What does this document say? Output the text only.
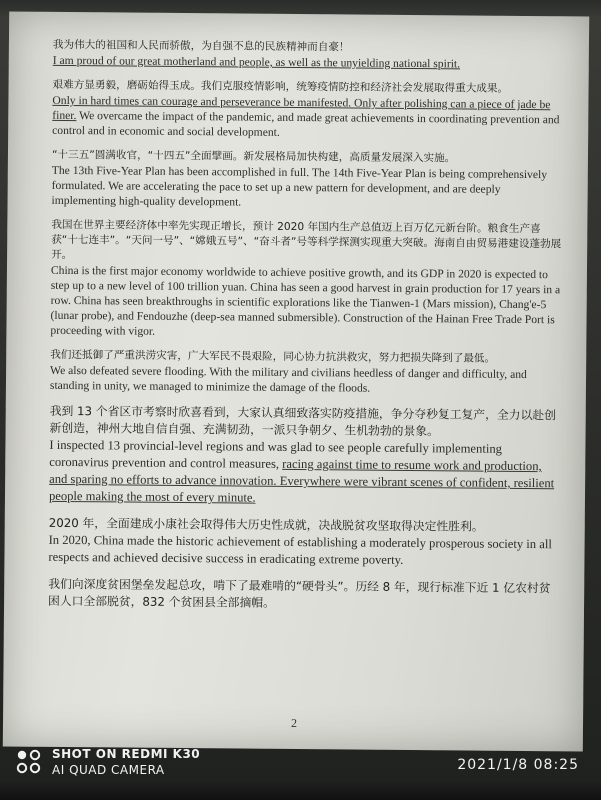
我为伟大的祖国和人民而骄傲，为自强不息的民族精神而自豪！

I am proud of our great motherland and people, as well as the unyielding national spirit.

艰难方显勇毅，磨砺始得玉成。我们克服疫情影响，统筹疫情防控和经济社会发展取得重大成果。

Only in hard times can courage and perseverance be manifested. Only after polishing can a piece of jade be finer. We overcame the impact of the pandemic, and made great achievements in coordinating prevention and control and in economic and social development.

“十三五”圆满收官，“十四五”全面擘画。新发展格局加快构建，高质量发展深入实施。

The 13th Five-Year Plan has been accomplished in full. The 14th Five-Year Plan is being comprehensively formulated. We are accelerating the pace to set up a new pattern for development, and are deeply implementing high-quality development.

我国在世界主要经济体中率先实现正增长，预计 2020 年国内生产总值迈上百万亿元新台阶。粮食生产喜获“十七连丰”。“天问一号”、“嫦娥五号”、“奋斗者”号等科学探测实现重大突破。海南自由贸易港建设蓬勃展开。

China is the first major economy worldwide to achieve positive growth, and its GDP in 2020 is expected to step up to a new level of 100 trillion yuan. China has seen a good harvest in grain production for 17 years in a row. China has seen breakthroughs in scientific explorations like the Tianwen-1 (Mars mission), Chang'e-5 (lunar probe), and Fendouzhe (deep-sea manned submersible). Construction of the Hainan Free Trade Port is proceeding with vigor.

我们还抵御了严重洪涝灾害，广大军民不畏艰险，同心协力抗洪救灾，努力把损失降到了最低。

We also defeated severe flooding. With the military and civilians heedless of danger and difficulty, and standing in unity, we managed to minimize the damage of the floods.

我到 13 个省区市考察时欣喜看到，大家认真细致落实防疫措施，争分夺秒复工复产，全力以赴创新创造，神州大地自信自强、充满韧劲，一派只争朝夕、生机勃勃的景象。

I inspected 13 provincial-level regions and was glad to see people carefully implementing coronavirus prevention and control measures, racing against time to resume work and production, and sparing no efforts to advance innovation. Everywhere were vibrant scenes of confident, resilient people making the most of every minute.

2020 年，全面建成小康社会取得伟大历史性成就，决战脱贫攻坚取得决定性胜利。

In 2020, China made the historic achievement of establishing a moderately prosperous society in all respects and achieved decisive success in eradicating extreme poverty.

我们向深度贫困堡垒发起总攻，啃下了最难啃的“硬骨头”。历经 8 年，现行标准下近 1 亿农村贫困人口全部脱贫，832 个贫困县全部摘帽。

2
SHOT ON REDMI K30
AI QUAD CAMERA	2021/1/8 08:25
